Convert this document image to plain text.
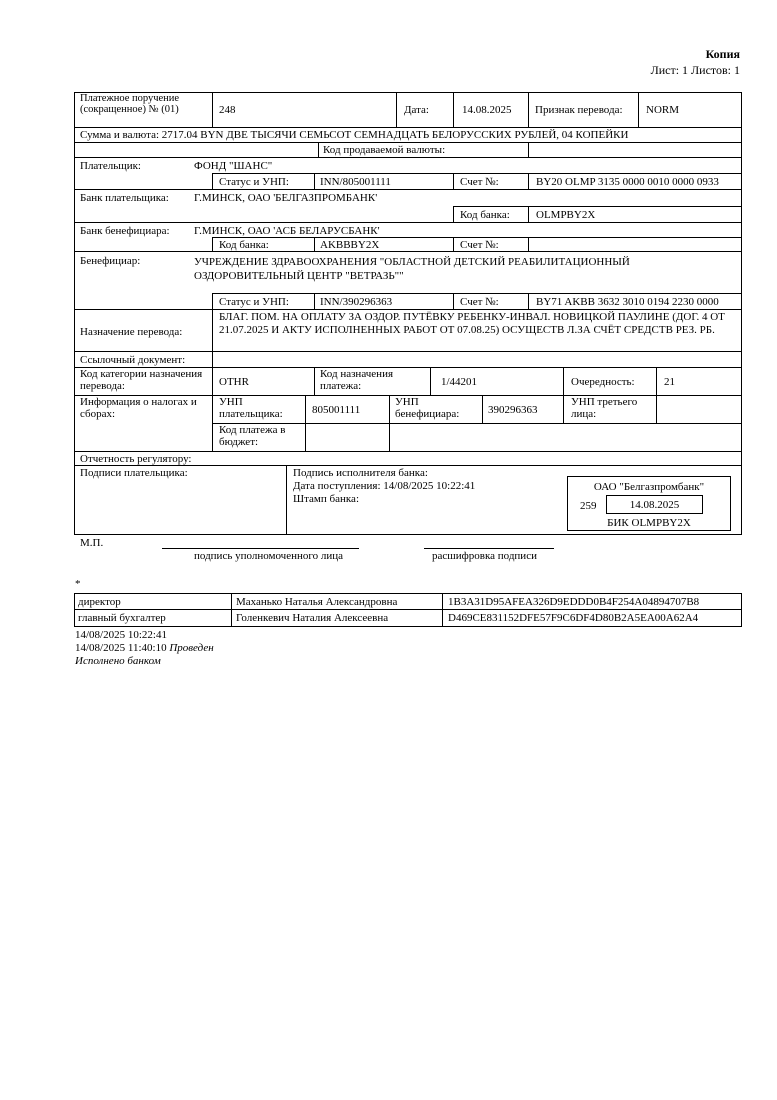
Копия
Лист: 1 Листов: 1
Платежное поручение (сокращенное) № (01)	248	Дата:	14.08.2025 Признак перевода: NORM
Сумма и валюта: 2717.04 BYN ДВЕ ТЫСЯЧИ СЕМЬСОТ СЕМНАДЦАТЬ БЕЛОРУССКИХ РУБЛЕЙ, 04 КОПЕЙКИ
Код продаваемой валюты:
Плательщик:	ФОНД "ШАНС"
Статус и УНП:	INN/805001111	Счет №:	BY20 OLMP 3135 0000 0010 0000 0933
Банк плательщика: Г.МИНСК, ОАО 'БЕЛГАЗПРОМБАНК'
Код банка: OLMPBY2X
Банк бенефициара: Г.МИНСК, ОАО 'АСБ БЕЛАРУСБАНК'
Код банка:	AKBBBY2X	Счет №:
Бенефициар:	УЧРЕЖДЕНИЕ ЗДРАВООХРАНЕНИЯ "ОБЛАСТНОЙ ДЕТСКИЙ РЕАБИЛИТАЦИОННЫЙ ОЗДОРОВИТЕЛЬНЫЙ ЦЕНТР "ВЕТРАЗЬ""
Статус и УНП:	INN/390296363	Счет №:	BY71 AKBB 3632 3010 0194 2230 0000
Назначение перевода:
БЛАГ. ПОМ. НА ОПЛАТУ ЗА ОЗДОР. ПУТЁВКУ РЕБЕНКУ-ИНВАЛ. НОВИЦКОЙ ПАУЛИНЕ (ДОГ. 4 ОТ 21.07.2025 И АКТУ ИСПОЛНЕННЫХ РАБОТ ОТ 07.08.25) ОСУЩЕСТВ Л.ЗА СЧЁТ СРЕДСТВ РЕЗ. РБ.
Ссылочный документ:
Код категории назначения перевода:	OTHR
Код назначения платежа:	1/44201	Очередность:	21
Информация о налогах и сборах:
УНП плательщика:	805001111
УНП бенефициара:	390296363
УНП третьего лица:
Код платежа в бюджет:
Отчетность регулятору:
Подписи плательщика:	Подпись исполнителя банка:
Дата поступления: 14/08/2025 10:22:41
Штамп банка:
ОАО "Белгазпромбанк"
259	14.08.2025
БИК OLMPBY2X
М.П.
подпись уполномоченного лица	расшифровка подписи
*
директор	Маханько Наталья Александровна	1B3A31D95AFEA326D9EDDD0B4F254A04894707B8
главный бухгалтер	Голенкевич Наталия Алексеевна	D469CE831152DFE57F9C6DF4D80B2A5EA00A62A4
14/08/2025 10:22:41
14/08/2025 11:40:10 Проведен
Исполнено банком
